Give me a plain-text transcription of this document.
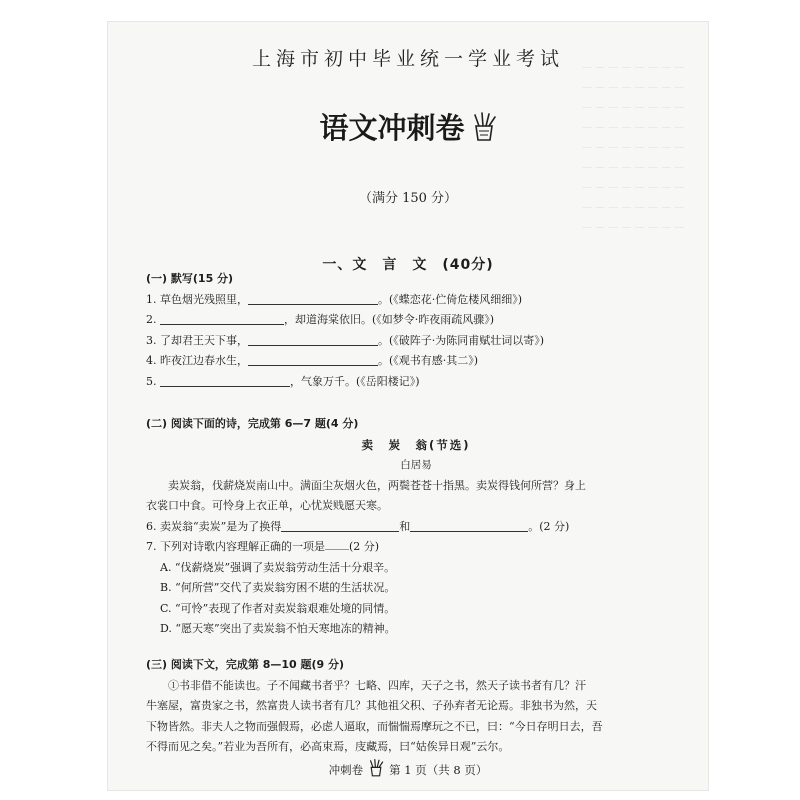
— — — — — — — —
— — — — — — — —
— — — — — — — —
— — — — — — — —
— — — — — — — —
— — — — — — — —
— — — — — — — —
— — — — — — — —
— — — — — — — —
上海市初中毕业统一学业考试
语文冲刺卷
（满分 150 分）
一、文　言　文　(40分)
(一) 默写(15 分)
1. 草色烟光残照里，	。(《蝶恋花·伫倚危楼风细细》)
2.	，却道海棠依旧。(《如梦令·昨夜雨疏风骤》)
3. 了却君王天下事，	。(《破阵子·为陈同甫赋壮词以寄》)
4. 昨夜江边春水生，	。(《观书有感·其二》)
5.	，气象万千。(《岳阳楼记》)
(二) 阅读下面的诗，完成第 6—7 题(4 分)
卖　炭　翁(节选)
白居易
卖炭翁，伐薪烧炭南山中。满面尘灰烟火色，两鬓苍苍十指黑。卖炭得钱何所营？身上
衣裳口中食。可怜身上衣正单，心忧炭贱愿天寒。
6. 卖炭翁“卖炭”是为了换得	和	。(2 分)
7. 下列对诗歌内容理解正确的一项是 (2 分)
A. “伐薪烧炭”强调了卖炭翁劳动生活十分艰辛。
B. “何所营”交代了卖炭翁穷困不堪的生活状况。
C. “可怜”表现了作者对卖炭翁艰难处境的同情。
D. “愿天寒”突出了卖炭翁不怕天寒地冻的精神。
(三) 阅读下文，完成第 8—10 题(9 分)
①书非借不能读也。子不闻藏书者乎？七略、四库，天子之书，然天子读书者有几？汗
牛塞屋，富贵家之书，然富贵人读书者有几？其他祖父积、子孙弃者无论焉。非独书为然，天
下物皆然。非夫人之物而强假焉，必虑人逼取，而惴惴焉摩玩之不已，曰：“今日存明日去，吾
不得而见之矣。”若业为吾所有，必高束焉，庋藏焉，曰“姑俟异日观”云尔。
冲刺卷 第 1 页（共 8 页）
